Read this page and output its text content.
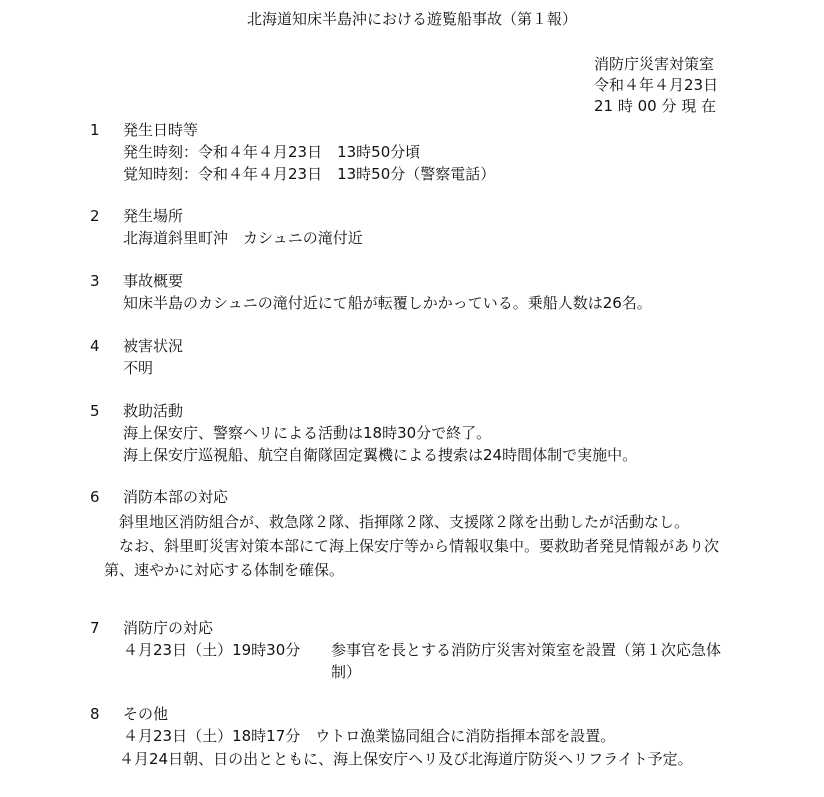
北海道知床半島沖における遊覧船事故（第１報）
消防庁災害対策室
令和４年４月23日
21 時 00 分 現 在
1	発生日時等
発生時刻：令和４年４月23日　13時50分頃
覚知時刻：令和４年４月23日　13時50分（警察電話）
2	発生場所
北海道斜里町沖　カシュニの滝付近
3	事故概要
知床半島のカシュニの滝付近にて船が転覆しかかっている。乗船人数は26名。
4	被害状況
不明
5	救助活動
海上保安庁、警察ヘリによる活動は18時30分で終了。
海上保安庁巡視船、航空自衛隊固定翼機による捜索は24時間体制で実施中。
6	消防本部の対応
斜里地区消防組合が、救急隊２隊、指揮隊２隊、支援隊２隊を出動したが活動なし。
なお、斜里町災害対策本部にて海上保安庁等から情報収集中。要救助者発見情報があり次第、速やかに対応する体制を確保。
7	消防庁の対応
４月23日（土）19時30分	参事官を長とする消防庁災害対策室を設置（第１次応急体制）
8	その他
４月23日（土）18時17分　ウトロ漁業協同組合に消防指揮本部を設置。
４月24日朝、日の出とともに、海上保安庁ヘリ及び北海道庁防災ヘリフライト予定。
